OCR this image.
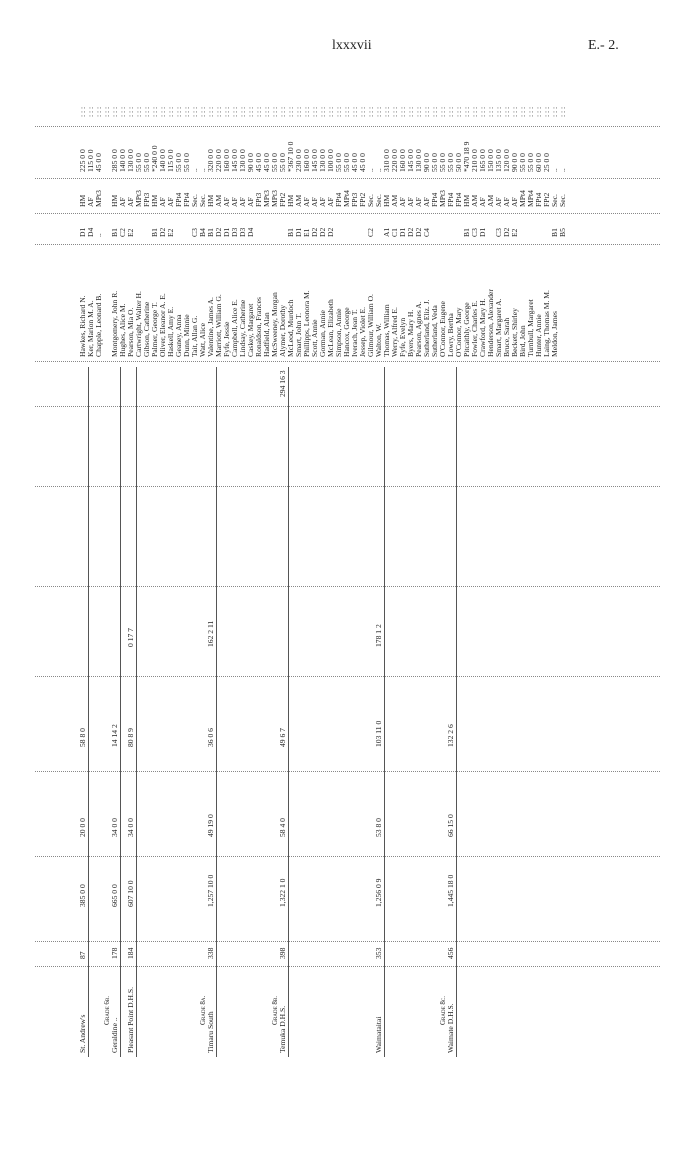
lxxxvii	E.- 2.
Hawkes, Richard N.
D1
HM
225 0 0
: : :
Ker, Marion M. A.
D4
AF
115 0 0
: : :
Chapple, Leonard B.
..
MPt3
45 0 0
: : : : : :
Montgomery, John R.
B1
HM
285 0 0
: : :
Hughes, Alice M.
C2
AF
140 0 0
: : :
Pearson, Mia O.
E2
AF
130 0 0
: : :
Cartwright, Walter H.
MPt3
55 0 0
: : :
Gibson, Catherine
FPt3
55 0 0
: : :
Palmer, George T.
B1
HM
*240 0 0
: : :
Oliver, Eleanor A. E.
D2
AF
140 0 0
: : :
Haskell, Amy E.
E2
AF
115 0 0
: : :
Geaney, Anna
FPt4
55 0 0
: : :
Dunn, Minnie
FPt4
55 0 0
: : :
Tait, Allan G.
C3
Sec.
..
: : :
Watt, Alice
B4
Sec.
..
: : :
Valentine, James A.
B1
HM
320 0 0
: : :
Marriott, William G.
D2
AM
220 0 0
: : :
Fyfe, Jessie
D1
AF
160 0 0
: : :
Campbell, Alice E.
D3
AF
145 0 0
: : :
Lindsay, Catherine
D3
AF
130 0 0
: : :
Caskey, Margaret
D4
AF
90 0 0
: : :
Ronaldson, Frances
FPt3
45 0 0
: : :
Hadfield, Alan
MPt3
45 0 0
: : :
McSweeney, Morgan
MPt3
55 0 0
: : :
Alymer, Dorothy
FPt2
55 0 0
: : :
McLeod, Murdoch
B1
HM
*367 10 0
: : :
Smart, John T.
D1
AM
230 0 0
: : :
Phillipps, Leonora M.
E1
AF
160 0 0
: : :
Scott, Annie
D2
AF
145 0 0
: : :
Gorman, Annie
D2
AF
130 0 0
: : :
McLean, Elizabeth
D2
AF
100 0 0
: : :
Simpson, Annie
FPt4
55 0 0
: : :
Hancox, George
MPt4
55 0 0
: : :
Iverach, Jean T.
FPt3
45 0 0
: : :
Jessep, Violet E.
FPt2
45 0 0
: : :
Gilmour, William O.
C2
Sec.
..
: : :
Walton, W.
Sec.
..
: : :
Thomas, William
A1
HM
310 0 0
: : :
Werry, Alfred E.
C1
AM
220 0 0
: : :
Fyfe, Evelyn
D1
AF
160 0 0
: : :
Byers, Mary H.
D2
AF
145 0 0
: : :
Pearson, Agnes A.
D2
AF
130 0 0
: : :
Sutherland, Eliz. J.
C4
AF
90 0 0
: : :
Sutherland, Veda
FPt4
55 0 0
: : :
O'Connor, Eugene
MPt3
55 0 0
: : :
Lowry, Bertha
FPt4
55 0 0
: : :
O'Connor, Mary
FPt4
50 0 0
: : :
Pitcaithly, George
B1
HM
*470 18 9
: : :
Fowler, Charles E.
C3
AM
210 0 0
: : :
Crawford, Mary H.
D1
AF
165 0 0
: : :
Henderson, Alexander
AM
150 0 0
: : :
Smart, Margaret A.
C3
AF
135 0 0
: : :
Bruce, Sarah
D2
AF
120 0 0
: : :
Beckett, Shirley
E2
AF
90 0 0
: : :
Bird, John
MPt4
55 0 0
: : :
Turnbull, Margaret
MPt4
55 0 0
: : :
Hunter, Annie
FPt4
60 0 0
: : :
Laing, Thomas M. M.
FPt2
25 0 0
: : :
Meldon, James
B1
Sec.
..
: : :
B5
Sec.
..
: : :
St. Andrew's
87
385 0 0
20 0 0
58 8 0
Grade 6b.
Geraldine ..
178
665 0 0
34 0 0
14 14 2
Pleasant Point D.H.S.
184
607 10 0
34 0 0
80 8 9
0 17 7
Grade 8a.
Timaru South
338
1,257 10 0
49 19 0
36 0 6
162 2 11
Grade 8b. Temuka D.H.S.
398
1,322 1 0
58 4 0
49 6 7
294 16 3
Waimataitai
353
1,256 0 9
53 8 0
103 11 0
178 1 2
Grade 8c. Waimate D.H.S.
456
1,445 18 0
66 15 0
132 2 6
